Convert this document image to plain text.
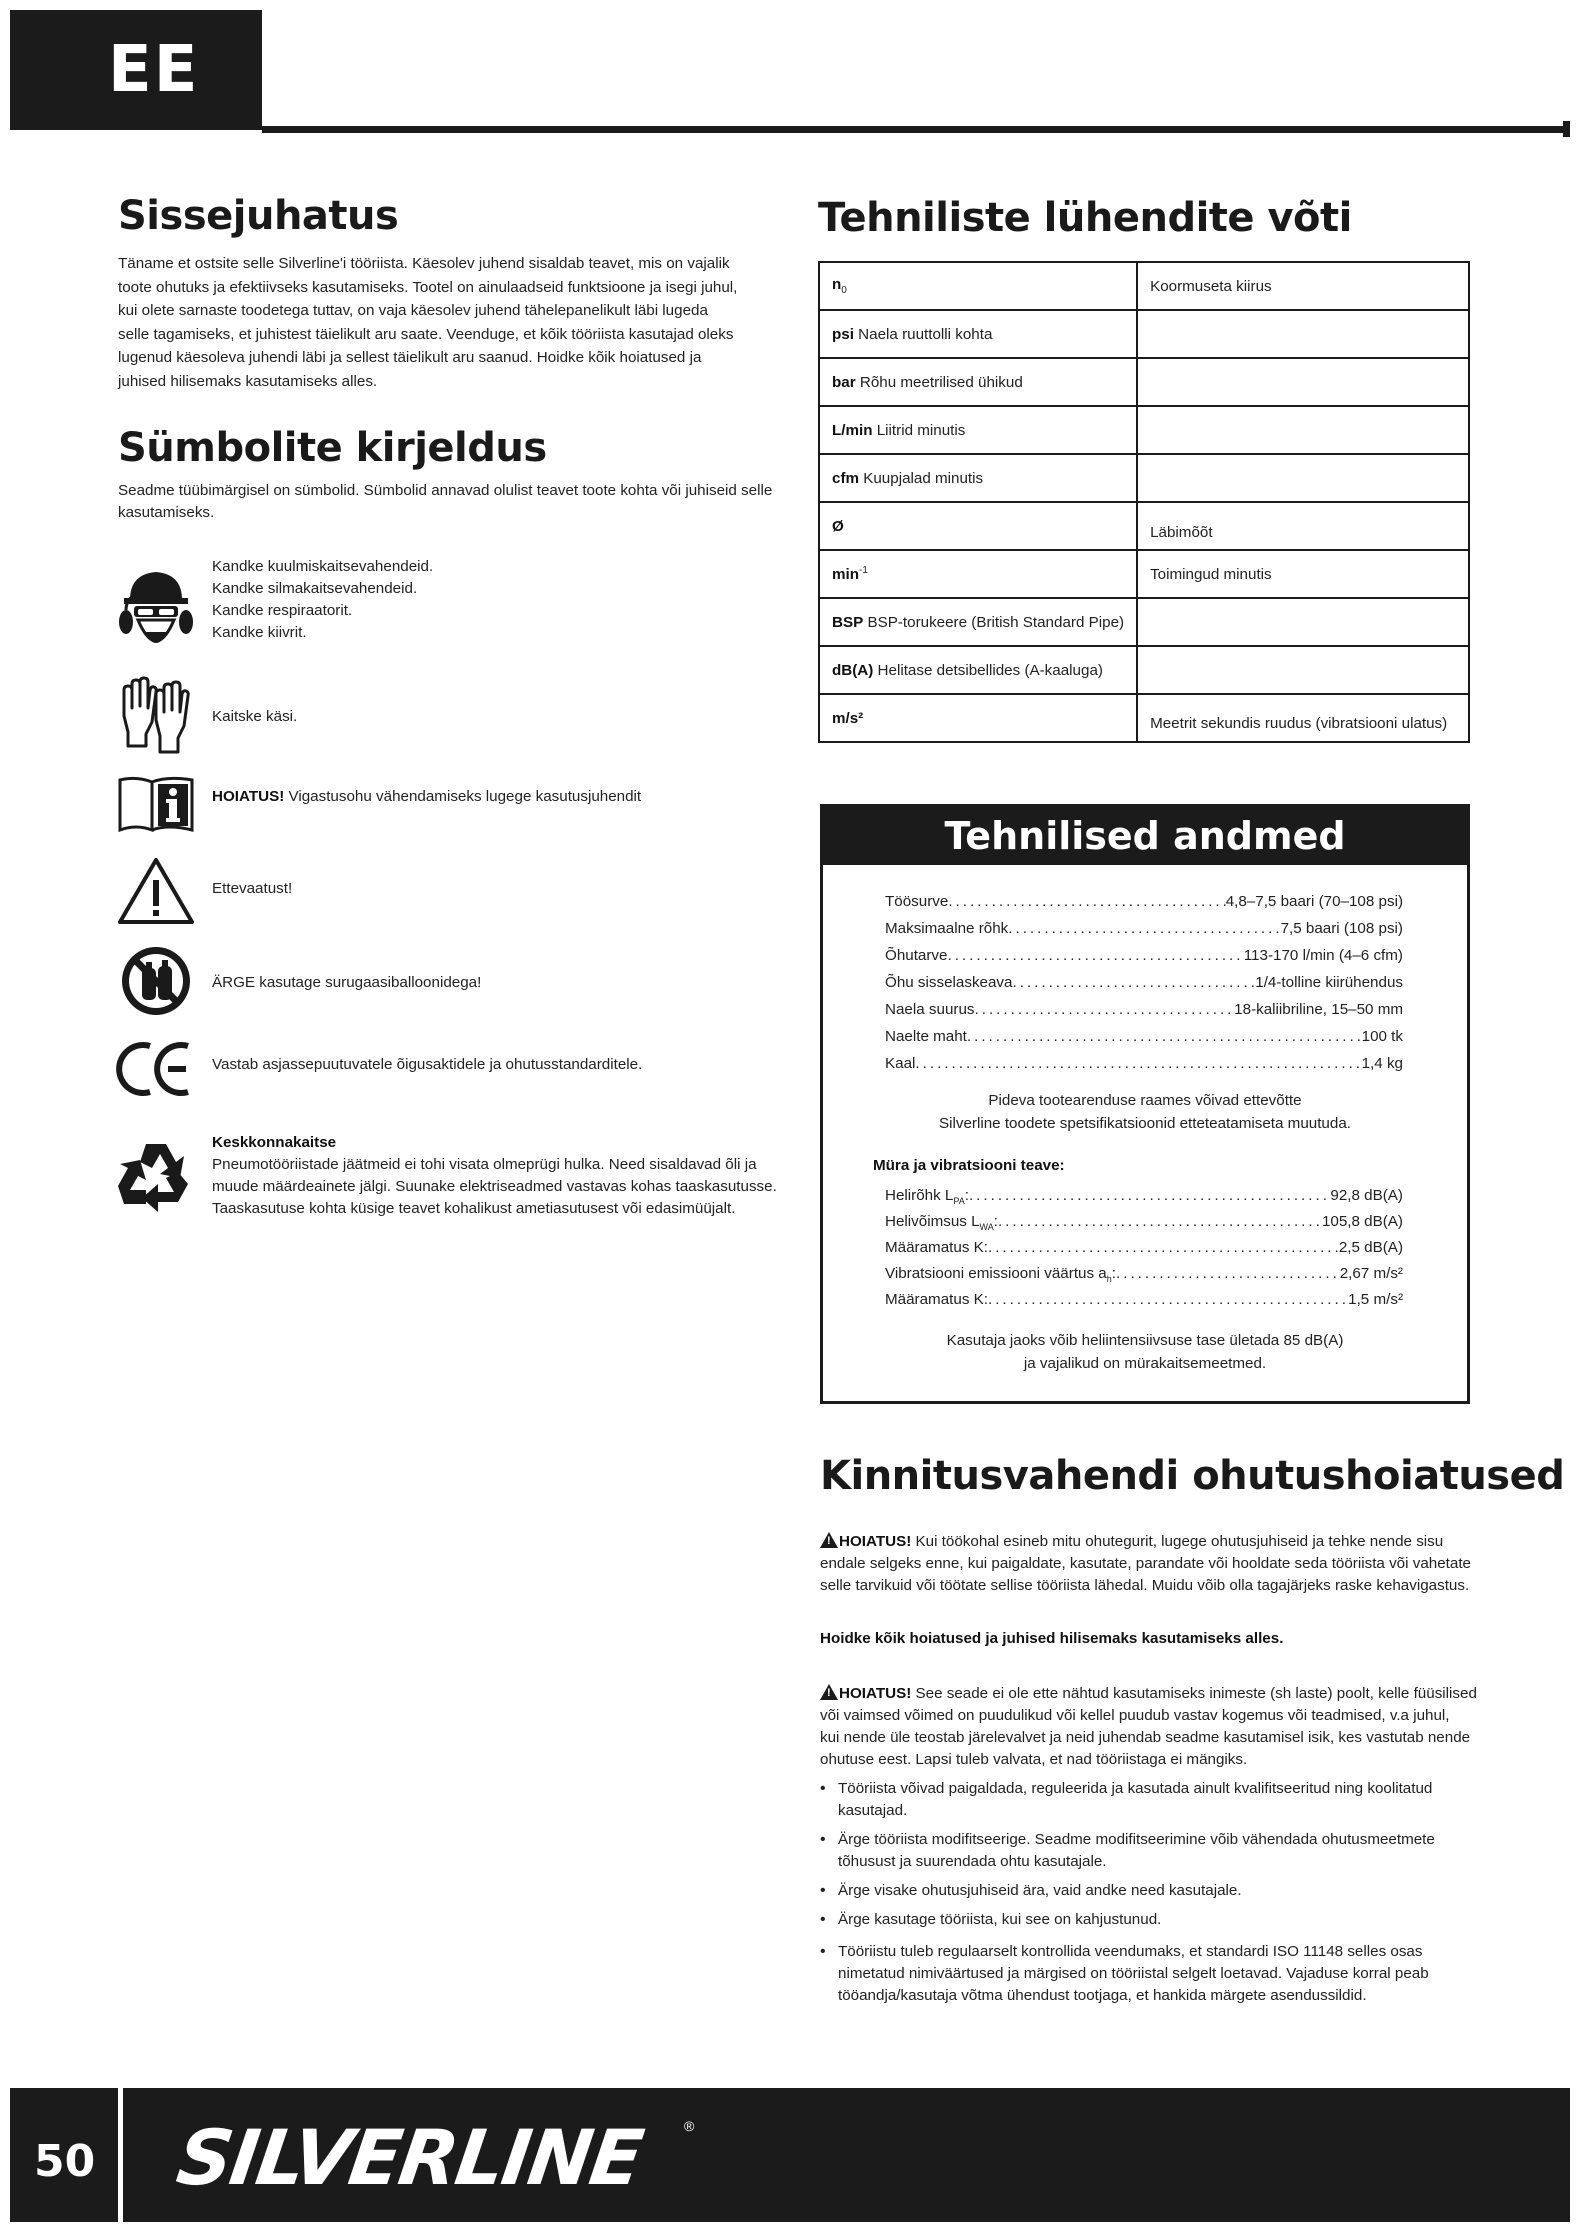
EE
Sissejuhatus
Täname et ostsite selle Silverline'i tööriista. Käesolev juhend sisaldab teavet, mis on vajalik
toote ohutuks ja efektiivseks kasutamiseks. Tootel on ainulaadseid funktsioone ja isegi juhul,
kui olete sarnaste toodetega tuttav, on vaja käesolev juhend tähelepanelikult läbi lugeda
selle tagamiseks, et juhistest täielikult aru saate. Veenduge, et kõik tööriista kasutajad oleks
lugenud käesoleva juhendi läbi ja sellest täielikult aru saanud. Hoidke kõik hoiatused ja
juhised hilisemaks kasutamiseks alles.
Sümbolite kirjeldus
Seadme tüübimärgisel on sümbolid. Sümbolid annavad olulist teavet toote kohta või juhiseid selle
kasutamiseks.
Kandke kuulmiskaitsevahendeid.
Kandke silmakaitsevahendeid.
Kandke respiraatorit.
Kandke kiivrit.
Kaitske käsi.
HOIATUS! Vigastusohu vähendamiseks lugege kasutusjuhendit
Ettevaatust!
ÄRGE kasutage surugaasiballoonidega!
Vastab asjassepuutuvatele õigusaktidele ja ohutusstandarditele.
Keskkonnakaitse
Pneumotööriistade jäätmeid ei tohi visata olmeprügi hulka. Need sisaldavad õli ja
muude määrdeainete jälgi. Suunake elektriseadmed vastavas kohas taaskasutusse.
Taaskasutuse kohta küsige teavet kohalikust ametiasutusest või edasimüüjalt.
Tehniliste lühendite võti
$n_0$	Koormuseta kiirus
psi Naela ruuttolli kohta	
bar Rõhu meetrilised ühikud	
L/min Liitrid minutis	
cfm Kuupjalad minutis	
Ø	Läbimõõt
$\min^{-1}$	Toimingud minutis
BSP BSP-torukeere (British Standard Pipe)	
dB(A) Helitase detsibellides (A-kaaluga)	
m/s²	Meetrit sekundis ruudus (vibratsiooni ulatus)
Tehnilised andmed
Töösurve .....	4,8–7,5 baari (70–108 psi)
Maksimaalne rõhk .....	7,5 baari (108 psi)
Õhutarve .....	113-170 l/min (4–6 cfm)
Õhu sisselaskeava .....	1/4-tolline kiirühendus
Naela suurus .....	18-kaliibriline, 15–50 mm
Naelte maht .....	100 tk
Kaal .....	1,4 kg
Pideva tootearenduse raames võivad ettevõtte
Silverline toodete spetsifikatsioonid etteteatamiseta muutuda.
Müra ja vibratsiooni teave:
Helirõhk $L_{PA}$: .....	92,8 dB(A)
Helivõimsus $L_{WA}$: .....	105,8 dB(A)
Määramatus K: .....	2,5 dB(A)
Vibratsiooni emissiooni väärtus $a_h$: .....	2,67 m/s²
Määramatus K: .....	1,5 m/s²
Kasutaja jaoks võib heliintensiivsuse tase ületada 85 dB(A)
ja vajalikud on mürakaitsemeetmed.
Kinnitusvahendi ohutushoiatused
!HOIATUS! Kui töökohal esineb mitu ohutegurit, lugege ohutusjuhiseid ja tehke nende sisu
endale selgeks enne, kui paigaldate, kasutate, parandate või hooldate seda tööriista või vahetate
selle tarvikuid või töötate sellise tööriista lähedal. Muidu võib olla tagajärjeks raske kehavigastus.
Hoidke kõik hoiatused ja juhised hilisemaks kasutamiseks alles.
!HOIATUS! See seade ei ole ette nähtud kasutamiseks inimeste (sh laste) poolt, kelle füüsilised
või vaimsed võimed on puudulikud või kellel puudub vastav kogemus või teadmised, v.a juhul,
kui nende üle teostab järelevalvet ja neid juhendab seadme kasutamisel isik, kes vastutab nende
ohutuse eest. Lapsi tuleb valvata, et nad tööriistaga ei mängiks.
• Tööriista võivad paigaldada, reguleerida ja kasutada ainult kvalifitseeritud ning koolitatud
kasutajad.
• Ärge tööriista modifitseerige. Seadme modifitseerimine võib vähendada ohutusmeetmete
tõhusust ja suurendada ohtu kasutajale.
• Ärge visake ohutusjuhiseid ära, vaid andke need kasutajale.
• Ärge kasutage tööriista, kui see on kahjustunud.
• Tööriistu tuleb regulaarselt kontrollida veendumaks, et standardi ISO 11148 selles osas
nimetatud nimiväärtused ja märgised on tööriistal selgelt loetavad. Vajaduse korral peab
tööandja/kasutaja võtma ühendust tootjaga, et hankida märgete asendussildid.
50 SILVERLINE	®
